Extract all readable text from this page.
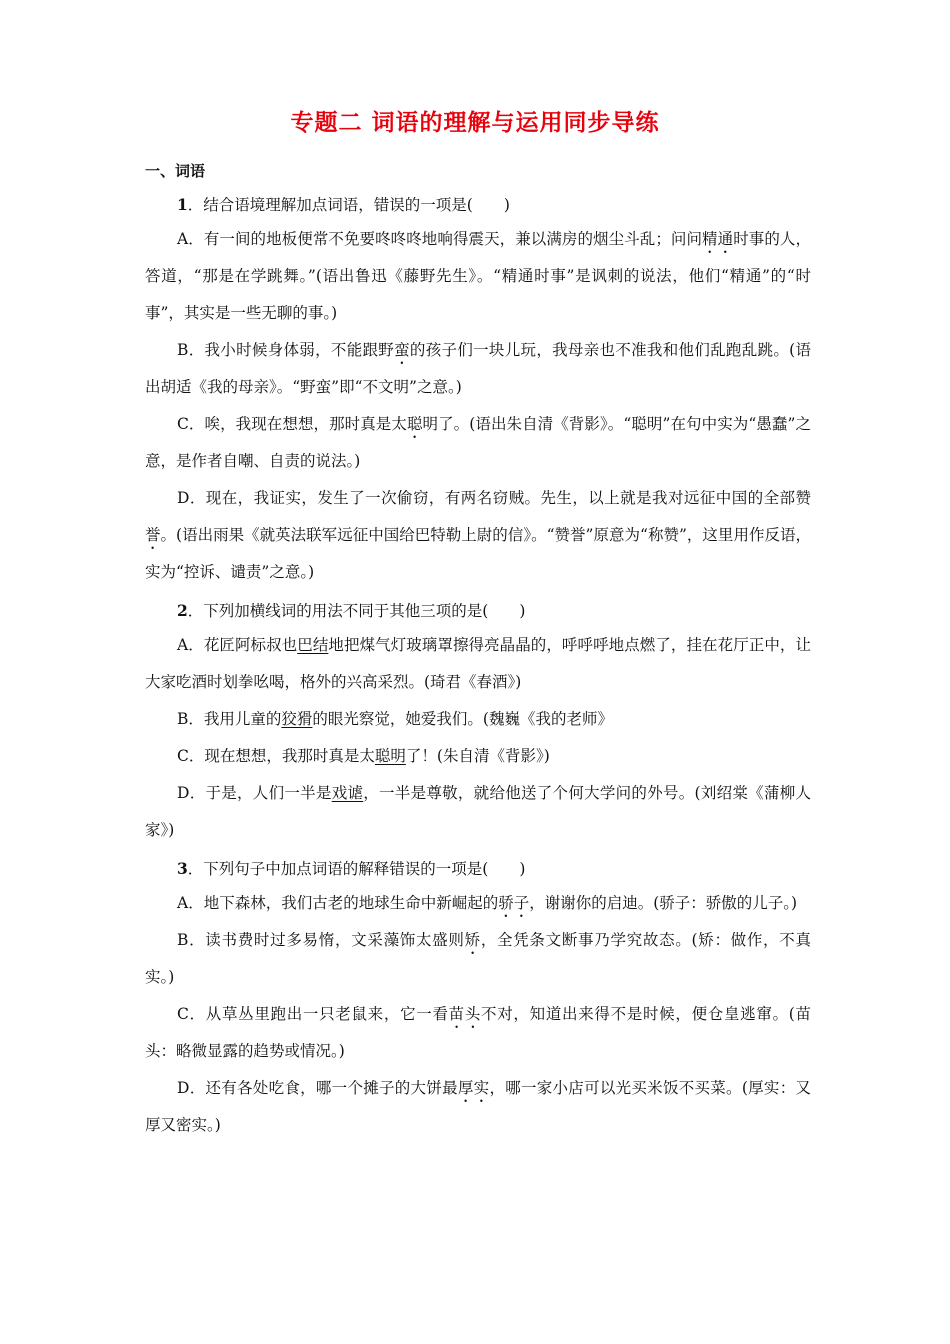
专题二 词语的理解与运用同步导练
一、词语

1．结合语境理解加点词语，错误的一项是(　　)

A．有一间的地板便常不免要咚咚咚地响得震天，兼以满房的烟尘斗乱；问问精通时事的人，答道，“那是在学跳舞。”(语出鲁迅《藤野先生》。“精通时事”是讽刺的说法，他们“精通”的“时事”，其实是一些无聊的事。)

B．我小时候身体弱，不能跟野蛮的孩子们一块儿玩，我母亲也不准我和他们乱跑乱跳。(语出胡适《我的母亲》。“野蛮”即“不文明”之意。)

C．唉，我现在想想，那时真是太聪明了。(语出朱自清《背影》。“聪明”在句中实为“愚蠢”之意，是作者自嘲、自责的说法。)

D．现在，我证实，发生了一次偷窃，有两名窃贼。先生，以上就是我对远征中国的全部赞誉。(语出雨果《就英法联军远征中国给巴特勒上尉的信》。“赞誉”原意为“称赞”，这里用作反语，实为“控诉、谴责”之意。)

2．下列加横线词的用法不同于其他三项的是(　　)

A．花匠阿标叔也巴结地把煤气灯玻璃罩擦得亮晶晶的，呼呼呼地点燃了，挂在花厅正中，让大家吃酒时划拳吆喝，格外的兴高采烈。(琦君《春酒》)

B．我用儿童的狡猾的眼光察觉，她爱我们。(魏巍《我的老师》

C．现在想想，我那时真是太聪明了！(朱自清《背影》)

D．于是，人们一半是戏谑，一半是尊敬，就给他送了个何大学问的外号。(刘绍棠《蒲柳人家》)

3．下列句子中加点词语的解释错误的一项是(　　)

A．地下森林，我们古老的地球生命中新崛起的骄子，谢谢你的启迪。(骄子：骄傲的儿子。)

B．读书费时过多易惰，文采藻饰太盛则矫，全凭条文断事乃学究故态。(矫：做作，不真实。)

C．从草丛里跑出一只老鼠来，它一看苗头不对，知道出来得不是时候，便仓皇逃窜。(苗头：略微显露的趋势或情况。)

D．还有各处吃食，哪一个摊子的大饼最厚实，哪一家小店可以光买米饭不买菜。(厚实：又厚又密实。)
